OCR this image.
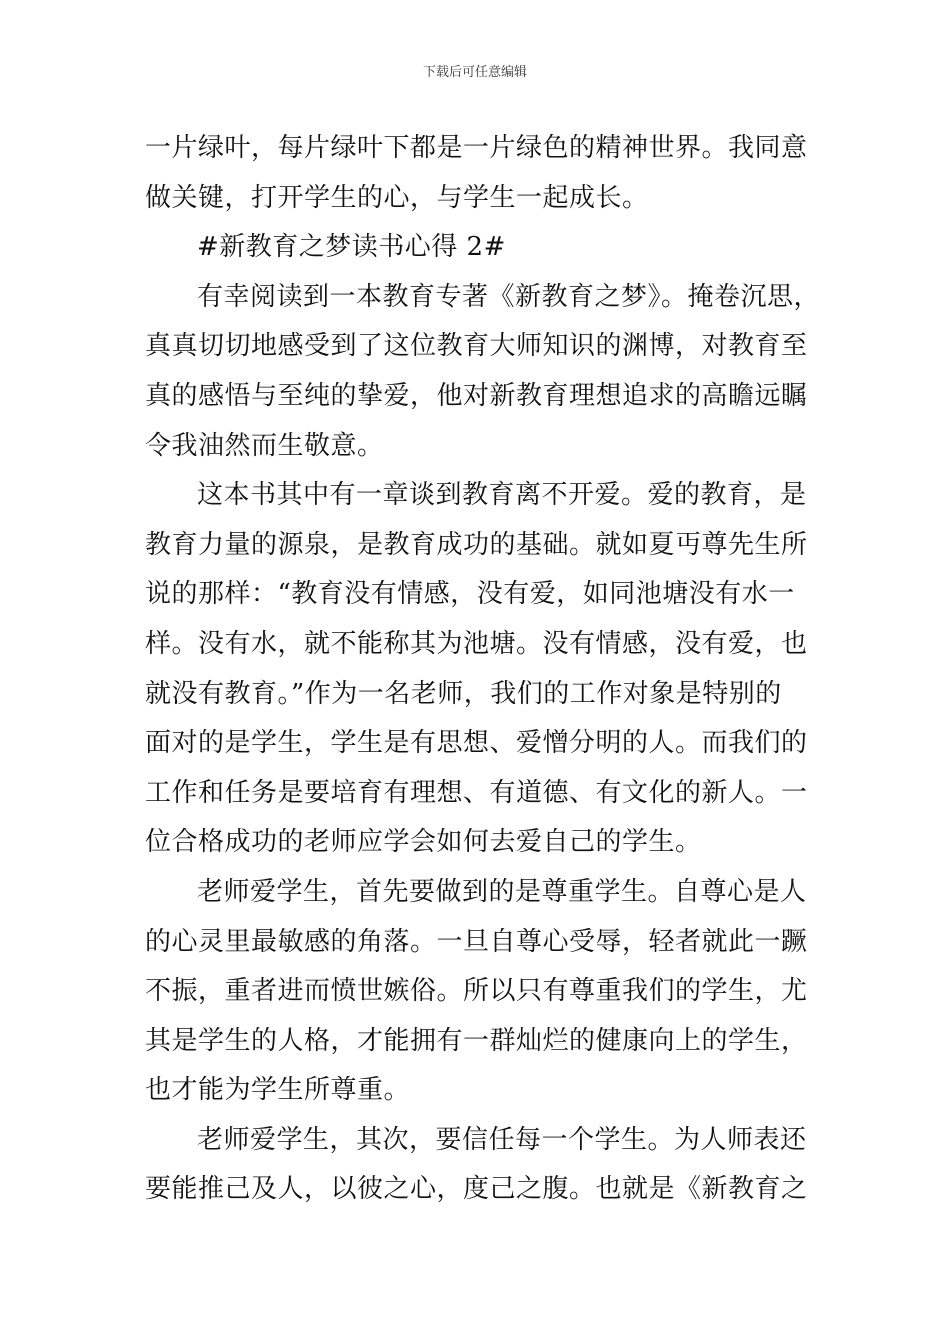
下载后可任意编辑
一片绿叶，每片绿叶下都是一片绿色的精神世界。我同意
做关键，打开学生的心，与学生一起成长。
#新教育之梦读书心得 2#
有幸阅读到一本教育专著《新教育之梦》。掩卷沉思，
真真切切地感受到了这位教育大师知识的渊博，对教育至
真的感悟与至纯的挚爱，他对新教育理想追求的高瞻远瞩
令我油然而生敬意。
这本书其中有一章谈到教育离不开爱。爱的教育，是
教育力量的源泉，是教育成功的基础。就如夏丏尊先生所
说的那样：“教育没有情感，没有爱，如同池塘没有水一
样。没有水，就不能称其为池塘。没有情感，没有爱，也
就没有教育。”作为一名老师，我们的工作对象是特别的
面对的是学生，学生是有思想、爱憎分明的人。而我们的
工作和任务是要培育有理想、有道德、有文化的新人。一
位合格成功的老师应学会如何去爱自己的学生。
老师爱学生，首先要做到的是尊重学生。自尊心是人
的心灵里最敏感的角落。一旦自尊心受辱，轻者就此一蹶
不振，重者进而愤世嫉俗。所以只有尊重我们的学生，尤
其是学生的人格，才能拥有一群灿烂的健康向上的学生，
也才能为学生所尊重。
老师爱学生，其次，要信任每一个学生。为人师表还
要能推己及人，以彼之心，度己之腹。也就是《新教育之
